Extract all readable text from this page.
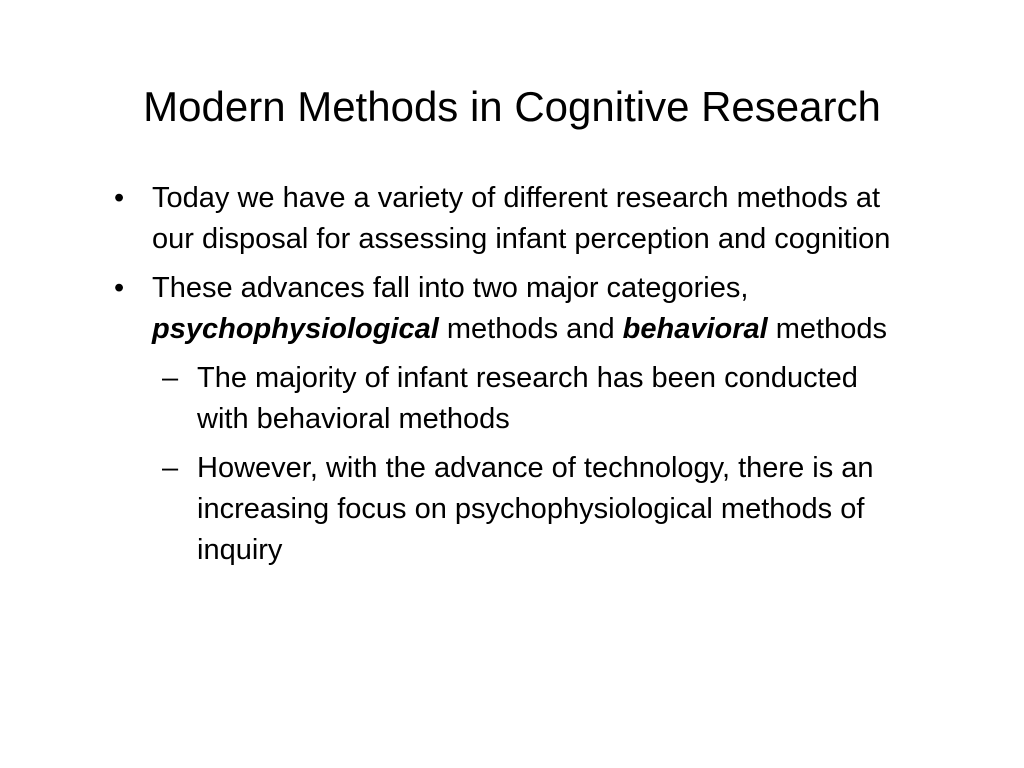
Modern Methods in Cognitive Research
• Today we have a variety of different research methods at our disposal for assessing infant perception and cognition
• These advances fall into two major categories, psychophysiological methods and behavioral methods
– The majority of infant research has been conducted with behavioral methods
– However, with the advance of technology, there is an increasing focus on psychophysiological methods of inquiry
